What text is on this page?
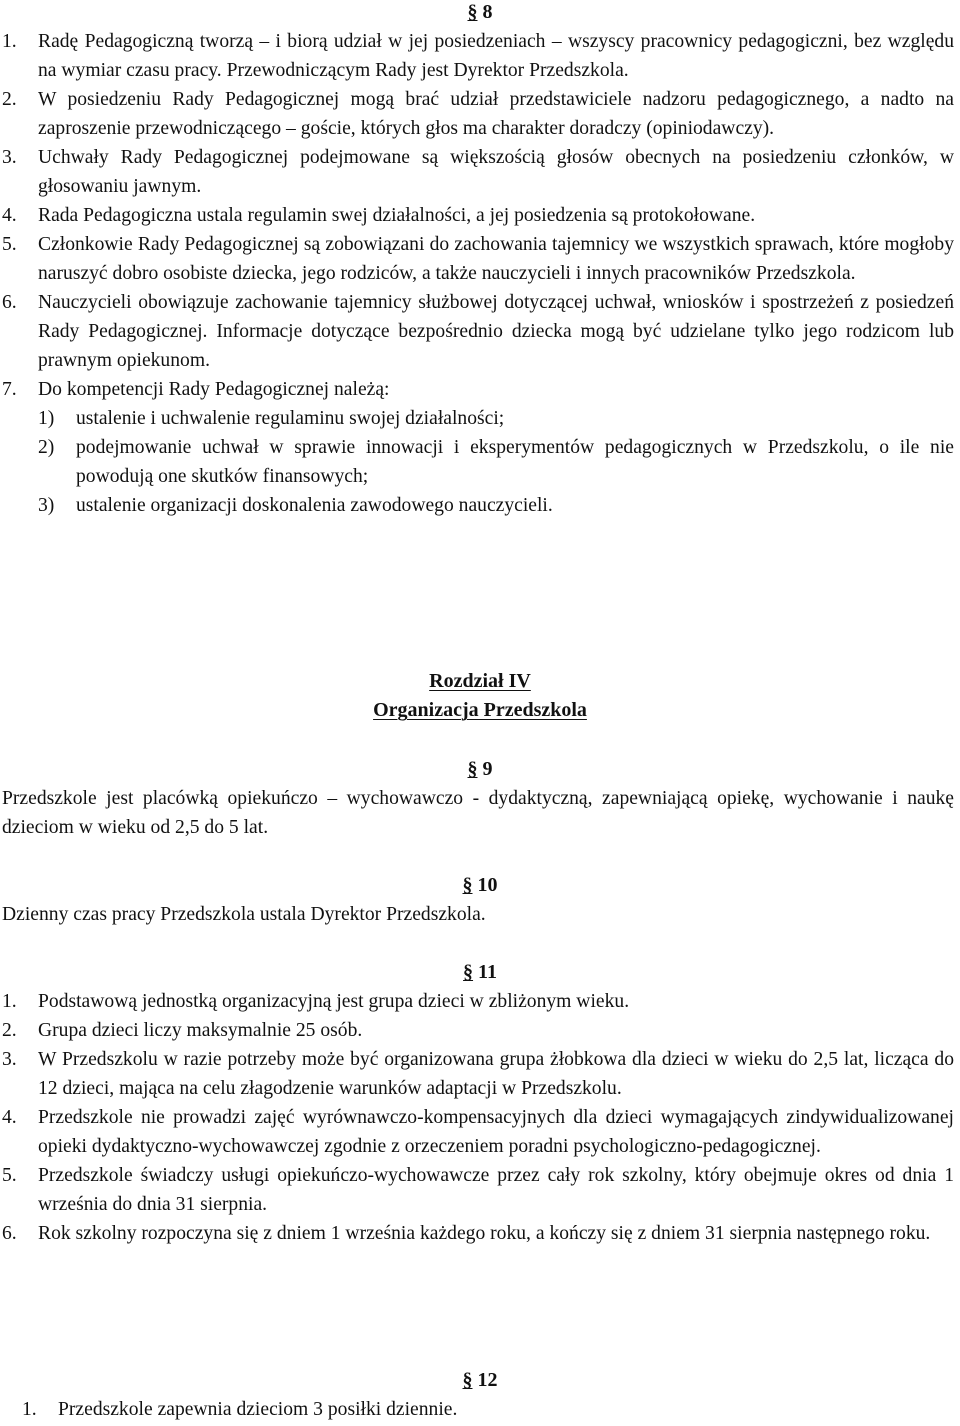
§ 8
1. Radę Pedagogiczną tworzą – i biorą udział w jej posiedzeniach – wszyscy pracownicy pedagogiczni, bez względu na wymiar czasu pracy. Przewodniczącym Rady jest Dyrektor Przedszkola.
2. W posiedzeniu Rady Pedagogicznej mogą brać udział przedstawiciele nadzoru pedagogicznego, a nadto na zaproszenie przewodniczącego – goście, których głos ma charakter doradczy (opiniodawczy).
3. Uchwały Rady Pedagogicznej podejmowane są większością głosów obecnych na posiedzeniu członków, w głosowaniu jawnym.
4. Rada Pedagogiczna ustala regulamin swej działalności, a jej posiedzenia są protokołowane.
5. Członkowie Rady Pedagogicznej są zobowiązani do zachowania tajemnicy we wszystkich sprawach, które mogłoby naruszyć dobro osobiste dziecka, jego rodziców, a także nauczycieli i innych pracowników Przedszkola.
6. Nauczycieli obowiązuje zachowanie tajemnicy służbowej dotyczącej uchwał, wniosków i spostrzeżeń z posiedzeń Rady Pedagogicznej. Informacje dotyczące bezpośrednio dziecka mogą być udzielane tylko jego rodzicom lub prawnym opiekunom.
7. Do kompetencji Rady Pedagogicznej należą:
1) ustalenie i uchwalenie regulaminu swojej działalności;
2) podejmowanie uchwał w sprawie innowacji i eksperymentów pedagogicznych w Przedszkolu, o ile nie powodują one skutków finansowych;
3) ustalenie organizacji doskonalenia zawodowego nauczycieli.
Rozdział IV
Organizacja Przedszkola
§ 9
Przedszkole jest placówką opiekuńczo – wychowawczo - dydaktyczną, zapewniającą opiekę, wychowanie i naukę dzieciom w wieku od 2,5 do 5 lat.
§ 10
Dzienny czas pracy Przedszkola ustala Dyrektor Przedszkola.
§ 11
1. Podstawową jednostką organizacyjną jest grupa dzieci w zbliżonym wieku.
2. Grupa dzieci liczy maksymalnie 25 osób.
3. W Przedszkolu w razie potrzeby może być organizowana grupa żłobkowa dla dzieci w wieku do 2,5 lat, licząca do 12 dzieci, mająca na celu złagodzenie warunków adaptacji w Przedszkolu.
4. Przedszkole nie prowadzi zajęć wyrównawczo-kompensacyjnych dla dzieci wymagających zindywidualizowanej opieki dydaktyczno-wychowawczej zgodnie z orzeczeniem poradni psychologiczno-pedagogicznej.
5. Przedszkole świadczy usługi opiekuńczo-wychowawcze przez cały rok szkolny, który obejmuje okres od dnia 1 września do dnia 31 sierpnia.
6. Rok szkolny rozpoczyna się z dniem 1 września każdego roku, a kończy się z dniem 31 sierpnia następnego roku.
§ 12
1. Przedszkole zapewnia dzieciom 3 posiłki dziennie.
